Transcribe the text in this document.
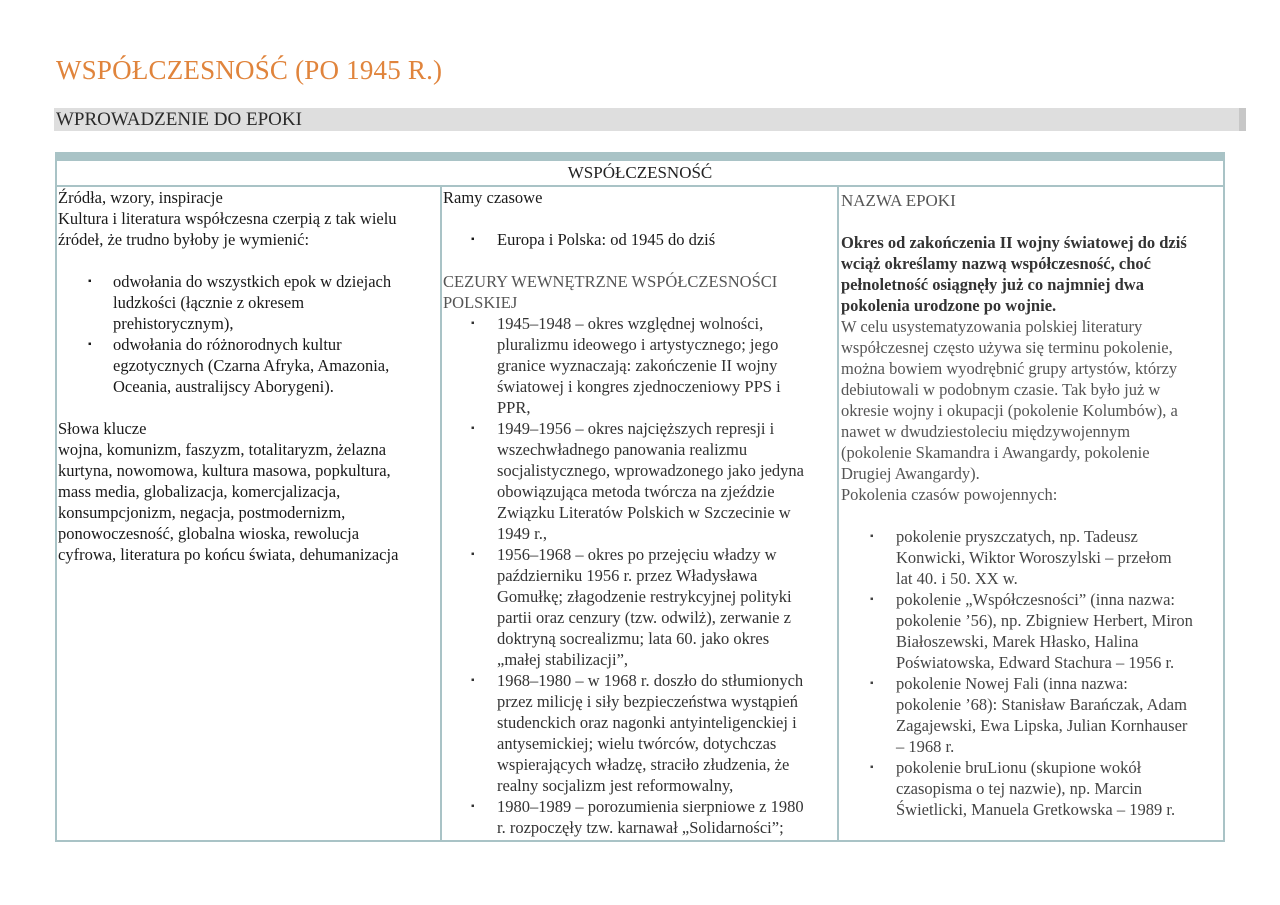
WSPÓŁCZESNOŚĆ (PO 1945 R.)
WPROWADZENIE DO EPOKI
WSPÓŁCZESNOŚĆ
Źródła, wzory, inspiracje
Kultura i literatura współczesna czerpią z tak wielu
źródeł, że trudno byłoby je wymienić:
▪ odwołania do wszystkich epok w dziejach
ludzkości (łącznie z okresem
prehistorycznym),
▪ odwołania do różnorodnych kultur
egzotycznych (Czarna Afryka, Amazonia,
Oceania, australijscy Aborygeni).
Słowa klucze
wojna, komunizm, faszyzm, totalitaryzm, żelazna
kurtyna, nowomowa, kultura masowa, popkultura,
mass media, globalizacja, komercjalizacja,
konsumpcjonizm, negacja, postmodernizm,
ponowoczesność, globalna wioska, rewolucja
cyfrowa, literatura po końcu świata, dehumanizacja
Ramy czasowe
▪ Europa i Polska: od 1945 do dziś
CEZURY WEWNĘTRZNE WSPÓŁCZESNOŚCI
POLSKIEJ
▪ 1945–1948 – okres względnej wolności,
pluralizmu ideowego i artystycznego; jego
granice wyznaczają: zakończenie II wojny
światowej i kongres zjednoczeniowy PPS i
PPR,
▪ 1949–1956 – okres najcięższych represji i
wszechwładnego panowania realizmu
socjalistycznego, wprowadzonego jako jedyna
obowiązująca metoda twórcza na zjeździe
Związku Literatów Polskich w Szczecinie w
1949 r.,
▪ 1956–1968 – okres po przejęciu władzy w
październiku 1956 r. przez Władysława
Gomułkę; złagodzenie restrykcyjnej polityki
partii oraz cenzury (tzw. odwilż), zerwanie z
doktryną socrealizmu; lata 60. jako okres
„małej stabilizacji”,
▪ 1968–1980 – w 1968 r. doszło do stłumionych
przez milicję i siły bezpieczeństwa wystąpień
studenckich oraz nagonki antyinteligenckiej i
antysemickiej; wielu twórców, dotychczas
wspierających władzę, straciło złudzenia, że
realny socjalizm jest reformowalny,
▪ 1980–1989 – porozumienia sierpniowe z 1980
r. rozpoczęły tzw. karnawał „Solidarności”;
NAZWA EPOKI
Okres od zakończenia II wojny światowej do dziś
wciąż określamy nazwą współczesność, choć
pełnoletność osiągnęły już co najmniej dwa
pokolenia urodzone po wojnie.
W celu usystematyzowania polskiej literatury
współczesnej często używa się terminu pokolenie,
można bowiem wyodrębnić grupy artystów, którzy
debiutowali w podobnym czasie. Tak było już w
okresie wojny i okupacji (pokolenie Kolumbów), a
nawet w dwudziestoleciu międzywojennym
(pokolenie Skamandra i Awangardy, pokolenie
Drugiej Awangardy).
Pokolenia czasów powojennych:
▪ pokolenie pryszczatych, np. Tadeusz
Konwicki, Wiktor Woroszylski – przełom
lat 40. i 50. XX w.
▪ pokolenie „Współczesności” (inna nazwa:
pokolenie ’56), np. Zbigniew Herbert, Miron
Białoszewski, Marek Hłasko, Halina
Poświatowska, Edward Stachura – 1956 r.
▪ pokolenie Nowej Fali (inna nazwa:
pokolenie ’68): Stanisław Barańczak, Adam
Zagajewski, Ewa Lipska, Julian Kornhauser
– 1968 r.
▪ pokolenie bruLionu (skupione wokół
czasopisma o tej nazwie), np. Marcin
Świetlicki, Manuela Gretkowska – 1989 r.
